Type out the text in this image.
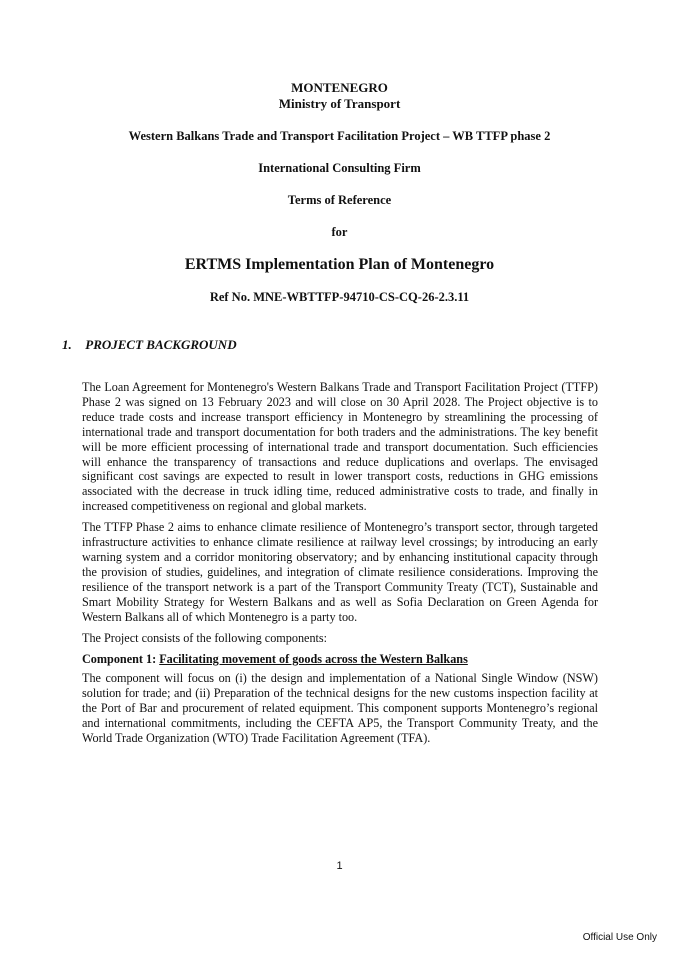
MONTENEGRO
Ministry of Transport
Western Balkans Trade and Transport Facilitation Project – WB TTFP phase 2
International Consulting Firm
Terms of Reference
for
ERTMS Implementation Plan of Montenegro
Ref No. MNE-WBTTFP-94710-CS-CQ-26-2.3.11
1. PROJECT BACKGROUND

The Loan Agreement for Montenegro's Western Balkans Trade and Transport Facilitation Project (TTFP) Phase 2 was signed on 13 February 2023 and will close on 30 April 2028. The Project objective is to reduce trade costs and increase transport efficiency in Montenegro by streamlining the processing of international trade and transport documentation for both traders and the administrations. The key benefit will be more efficient processing of international trade and transport documentation. Such efficiencies will enhance the transparency of transactions and reduce duplications and overlaps. The envisaged significant cost savings are expected to result in lower transport costs, reductions in GHG emissions associated with the decrease in truck idling time, reduced administrative costs to trade, and finally in increased competitiveness on regional and global markets.

The TTFP Phase 2 aims to enhance climate resilience of Montenegro’s transport sector, through targeted infrastructure activities to enhance climate resilience at railway level crossings; by introducing an early warning system and a corridor monitoring observatory; and by enhancing institutional capacity through the provision of studies, guidelines, and integration of climate resilience considerations. Improving the resilience of the transport network is a part of the Transport Community Treaty (TCT), Sustainable and Smart Mobility Strategy for Western Balkans and as well as Sofia Declaration on Green Agenda for Western Balkans all of which Montenegro is a party too.

The Project consists of the following components:

Component 1: Facilitating movement of goods across the Western Balkans

The component will focus on (i) the design and implementation of a National Single Window (NSW) solution for trade; and (ii) Preparation of the technical designs for the new customs inspection facility at the Port of Bar and procurement of related equipment. This component supports Montenegro’s regional and international commitments, including the CEFTA AP5, the Transport Community Treaty, and the World Trade Organization (WTO) Trade Facilitation Agreement (TFA).

1
Official Use Only
